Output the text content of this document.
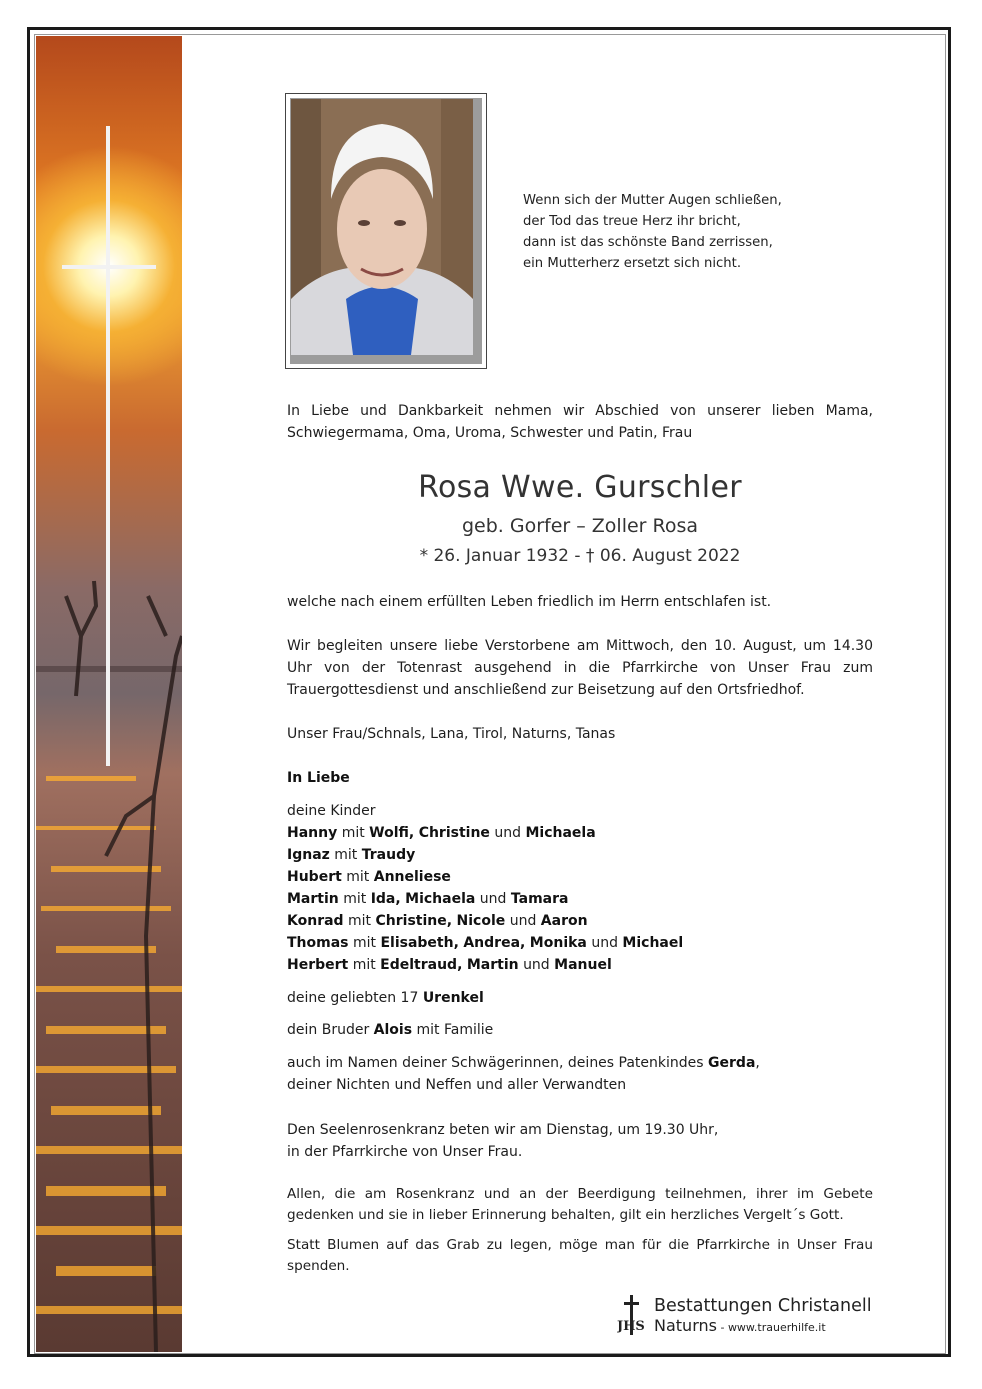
Wenn sich der Mutter Augen schließen,
der Tod das treue Herz ihr bricht,
dann ist das schönste Band zerrissen,
ein Mutterherz ersetzt sich nicht.
In Liebe und Dankbarkeit nehmen wir Abschied von unserer lieben Mama,
Schwiegermama, Oma, Uroma, Schwester und Patin, Frau
Rosa Wwe. Gurschler
geb. Gorfer – Zoller Rosa
* 26. Januar 1932 - † 06. August 2022
welche nach einem erfüllten Leben friedlich im Herrn entschlafen ist.
Wir begleiten unsere liebe Verstorbene am Mittwoch, den 10. August, um 14.30
Uhr von der Totenrast ausgehend in die Pfarrkirche von Unser Frau zum
Trauergottesdienst und anschließend zur Beisetzung auf den Ortsfriedhof.
Unser Frau/Schnals, Lana, Tirol, Naturns, Tanas
In Liebe
deine Kinder
Hanny mit Wolfi, Christine und Michaela
Ignaz mit Traudy
Hubert mit Anneliese
Martin mit Ida, Michaela und Tamara
Konrad mit Christine, Nicole und Aaron
Thomas mit Elisabeth, Andrea, Monika und Michael
Herbert mit Edeltraud, Martin und Manuel
deine geliebten 17 Urenkel
dein Bruder Alois mit Familie
auch im Namen deiner Schwägerinnen, deines Patenkindes Gerda,
deiner Nichten und Neffen und aller Verwandten
Den Seelenrosenkranz beten wir am Dienstag, um 19.30 Uhr,
in der Pfarrkirche von Unser Frau.
Allen, die am Rosenkranz und an der Beerdigung teilnehmen, ihrer im Gebete
gedenken und sie in lieber Erinnerung behalten, gilt ein herzliches Vergelt´s Gott.
Statt Blumen auf das Grab zu legen, möge man für die Pfarrkirche in Unser Frau
spenden.
JHS
Bestattungen Christanell
Naturns - www.trauerhilfe.it
